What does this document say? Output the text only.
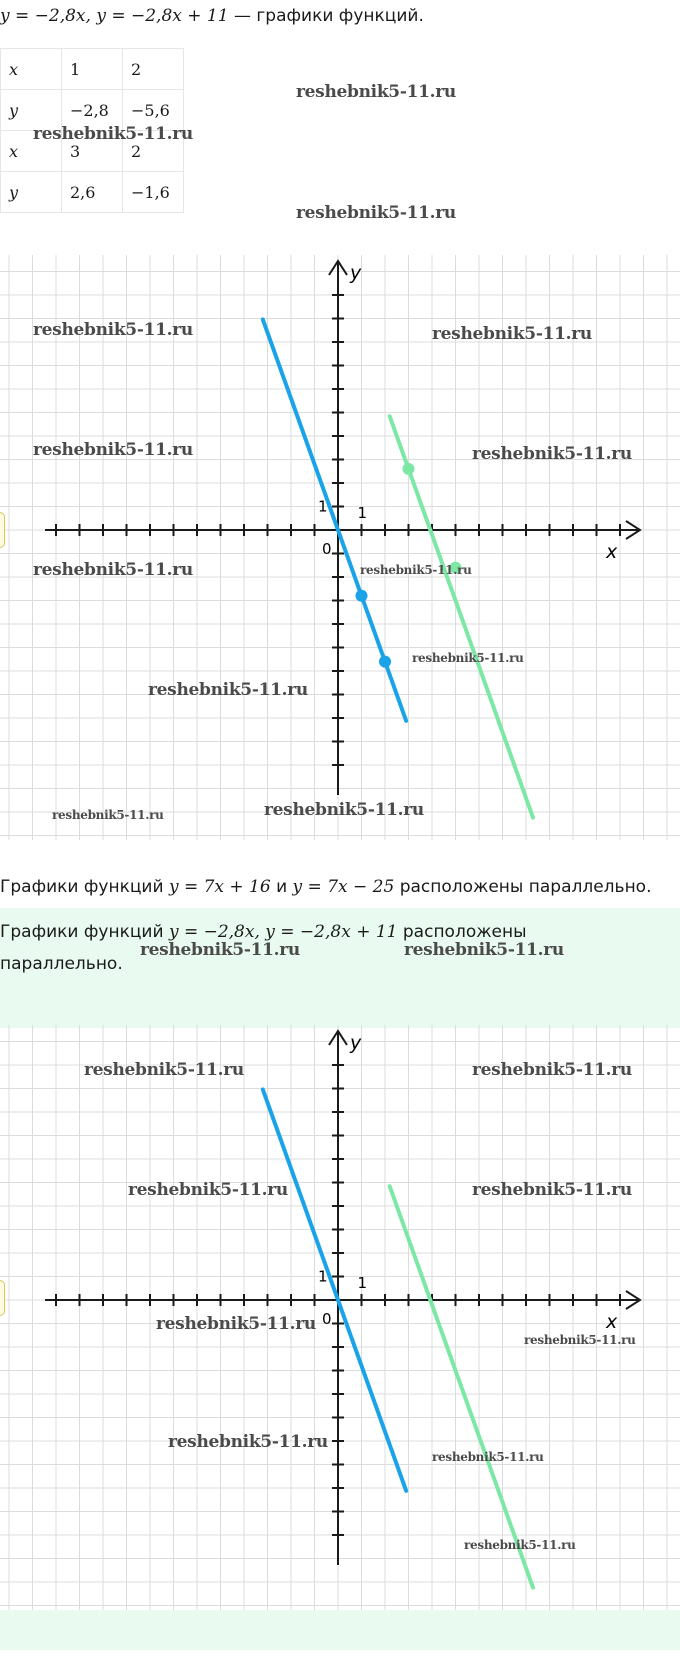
y = −2,8x, y = −2,8x + 11 — графики функций.
x	1	2
y	−2,8	−5,6
x	3	2
y	2,6	−1,6
y
x
0
1
1
Графики функций y = 7x + 16 и y = 7x − 25 расположены параллельно.
Графики функций y = −2,8x, y = −2,8x + 11 расположены
параллельно.
y
x
0
1
1
reshebnik5-11.ru
reshebnik5-11.ru
reshebnik5-11.ru
reshebnik5-11.ru	reshebnik5-11.ru
reshebnik5-11.ru	reshebnik5-11.ru
reshebnik5-11.ru	reshebnik5-11.ru
reshebnik5-11.ru
reshebnik5-11.ru
reshebnik5-11.ru	reshebnik5-11.ru
reshebnik5-11.ru	reshebnik5-11.ru
reshebnik5-11.ru	reshebnik5-11.ru
reshebnik5-11.ru	reshebnik5-11.ru
reshebnik5-11.ru
reshebnik5-11.ru
reshebnik5-11.ru
reshebnik5-11.ru
reshebnik5-11.ru
